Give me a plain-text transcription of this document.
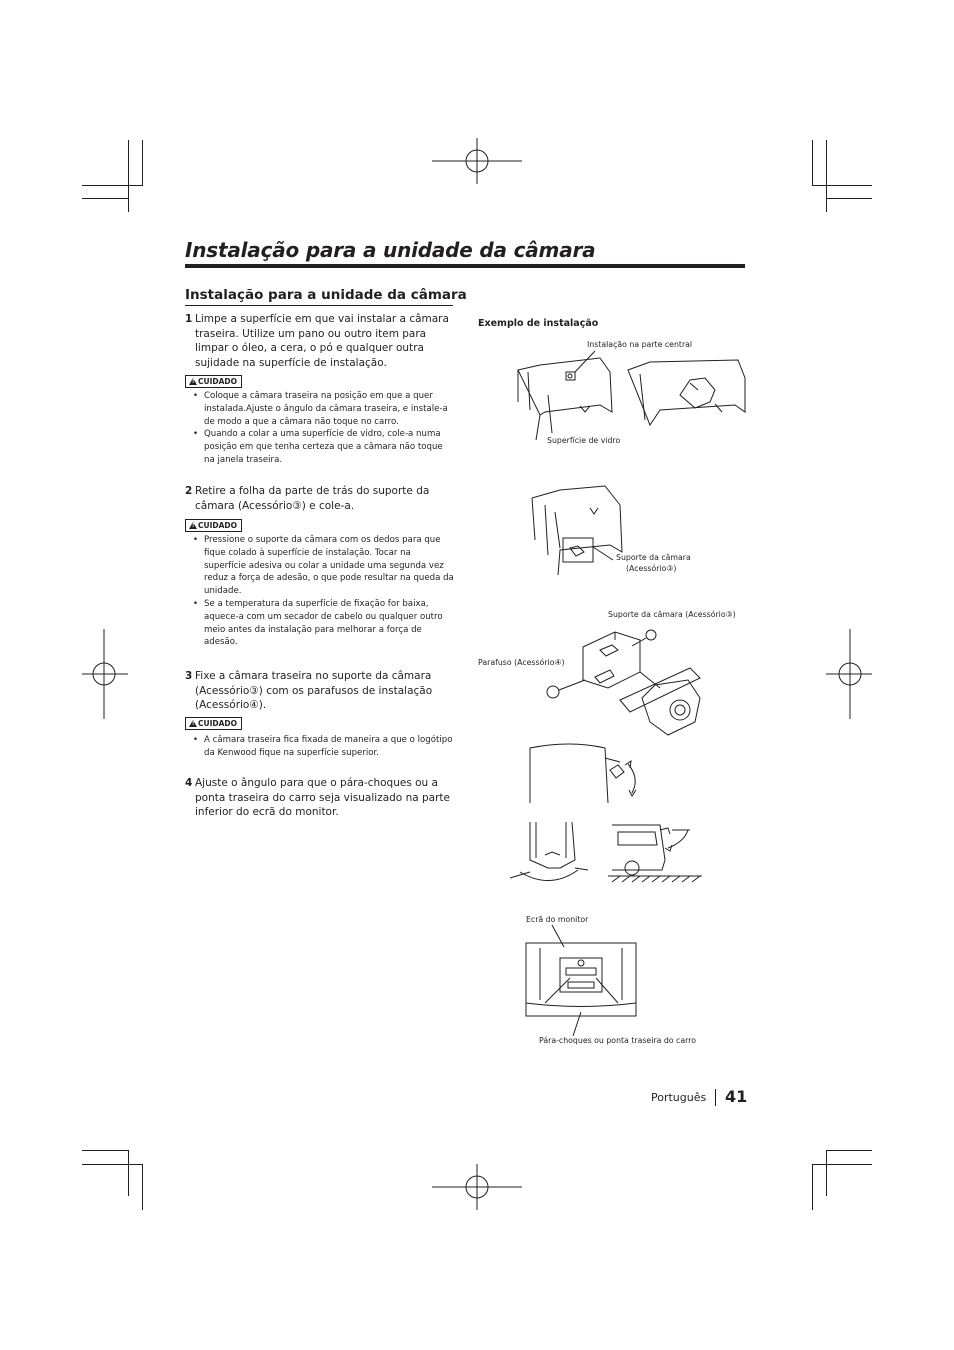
Instalação para a unidade da câmara
Instalação para a unidade da câmara
1 Limpe a superfície em que vai instalar a câmara traseira. Utilize um pano ou outro item para limpar o óleo, a cera, o pó e qualquer outra sujidade na superfície de instalação.
!CUIDADO
• Coloque a câmara traseira na posição em que a quer instalada.Ajuste o ângulo da câmara traseira, e instale-a de modo a que a câmara não toque no carro.
• Quando a colar a uma superfície de vidro, cole-a numa posição em que tenha certeza que a câmara não toque na janela traseira.
2 Retire a folha da parte de trás do suporte da câmara (Acessório③) e cole-a.
!CUIDADO
• Pressione o suporte da câmara com os dedos para que fique colado à superfície de instalação. Tocar na superfície adesiva ou colar a unidade uma segunda vez reduz a força de adesão, o que pode resultar na queda da unidade.
• Se a temperatura da superfície de fixação for baixa, aquece-a com um secador de cabelo ou qualquer outro meio antes da instalação para melhorar a força de adesão.
3 Fixe a câmara traseira no suporte da câmara (Acessório③) com os parafusos de instalação (Acessório④).
!CUIDADO
• A câmara traseira fica fixada de maneira a que o logótipo da Kenwood fique na superfície superior.
4 Ajuste o ângulo para que o pára-choques ou a ponta traseira do carro seja visualizado na parte inferior do ecrã do monitor.
Exemplo de instalação
Instalação na parte central
Superfície de vidro
Suporte da câmara
(Acessório③)
Suporte da câmara (Acessório③)
Parafuso (Acessório④)
Ecrã do monitor
Pára-choques ou ponta traseira do carro
Português 41
